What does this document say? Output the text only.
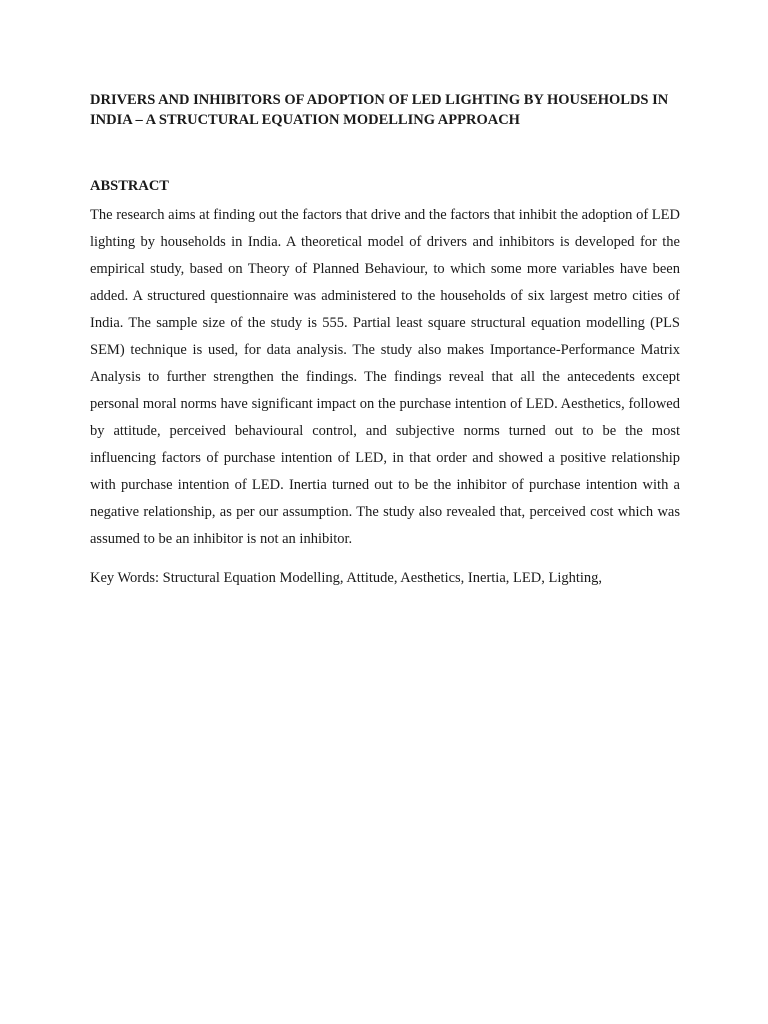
DRIVERS AND INHIBITORS OF ADOPTION OF LED LIGHTING BY HOUSEHOLDS IN INDIA – A STRUCTURAL EQUATION MODELLING APPROACH
ABSTRACT

The research aims at finding out the factors that drive and the factors that inhibit the adoption of LED lighting by households in India. A theoretical model of drivers and inhibitors is developed for the empirical study, based on Theory of Planned Behaviour, to which some more variables have been added. A structured questionnaire was administered to the households of six largest metro cities of India. The sample size of the study is 555. Partial least square structural equation modelling (PLS SEM) technique is used, for data analysis. The study also makes Importance-Performance Matrix Analysis to further strengthen the findings. The findings reveal that all the antecedents except personal moral norms have significant impact on the purchase intention of LED. Aesthetics, followed by attitude, perceived behavioural control, and subjective norms turned out to be the most influencing factors of purchase intention of LED, in that order and showed a positive relationship with purchase intention of LED. Inertia turned out to be the inhibitor of purchase intention with a negative relationship, as per our assumption. The study also revealed that, perceived cost which was assumed to be an inhibitor is not an inhibitor.

Key Words: Structural Equation Modelling, Attitude, Aesthetics, Inertia, LED, Lighting,
